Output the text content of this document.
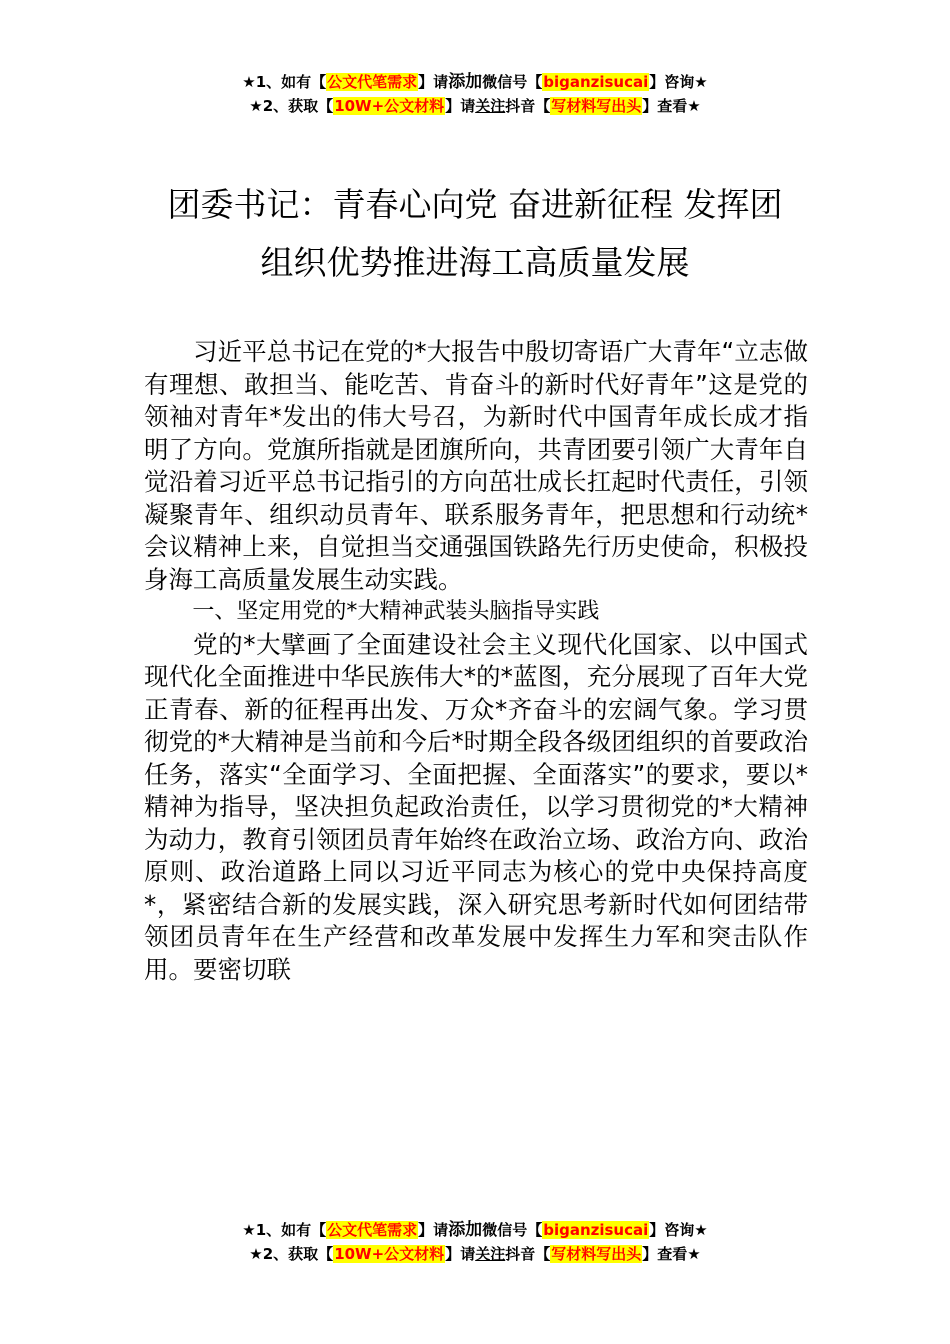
★1、如有【公文代笔需求】请添加微信号【biganzisucai】咨询★
★2、获取【10W+公文材料】请关注抖音【写材料写出头】查看★
团委书记：青春心向党 奋进新征程 发挥团
组织优势推进海工高质量发展

习近平总书记在党的*大报告中殷切寄语广大青年“立志做有理想、敢担当、能吃苦、肯奋斗的新时代好青年”这是党的领袖对青年*发出的伟大号召，为新时代中国青年成长成才指明了方向。党旗所指就是团旗所向，共青团要引领广大青年自觉沿着习近平总书记指引的方向茁壮成长扛起时代责任，引领凝聚青年、组织动员青年、联系服务青年，把思想和行动统*会议精神上来，自觉担当交通强国铁路先行历史使命，积极投身海工高质量发展生动实践。

一、坚定用党的*大精神武装头脑指导实践

党的*大擘画了全面建设社会主义现代化国家、以中国式现代化全面推进中华民族伟大*的*蓝图，充分展现了百年大党正青春、新的征程再出发、万众*齐奋斗的宏阔气象。学习贯彻党的*大精神是当前和今后*时期全段各级团组织的首要政治任务，落实“全面学习、全面把握、全面落实”的要求，要以*精神为指导，坚决担负起政治责任，以学习贯彻党的*大精神为动力，教育引领团员青年始终在政治立场、政治方向、政治原则、政治道路上同以习近平同志为核心的党中央保持高度*，紧密结合新的发展实践，深入研究思考新时代如何团结带领团员青年在生产经营和改革发展中发挥生力军和突击队作用。要密切联

★1、如有【公文代笔需求】请添加微信号【biganzisucai】咨询★
★2、获取【10W+公文材料】请关注抖音【写材料写出头】查看★
